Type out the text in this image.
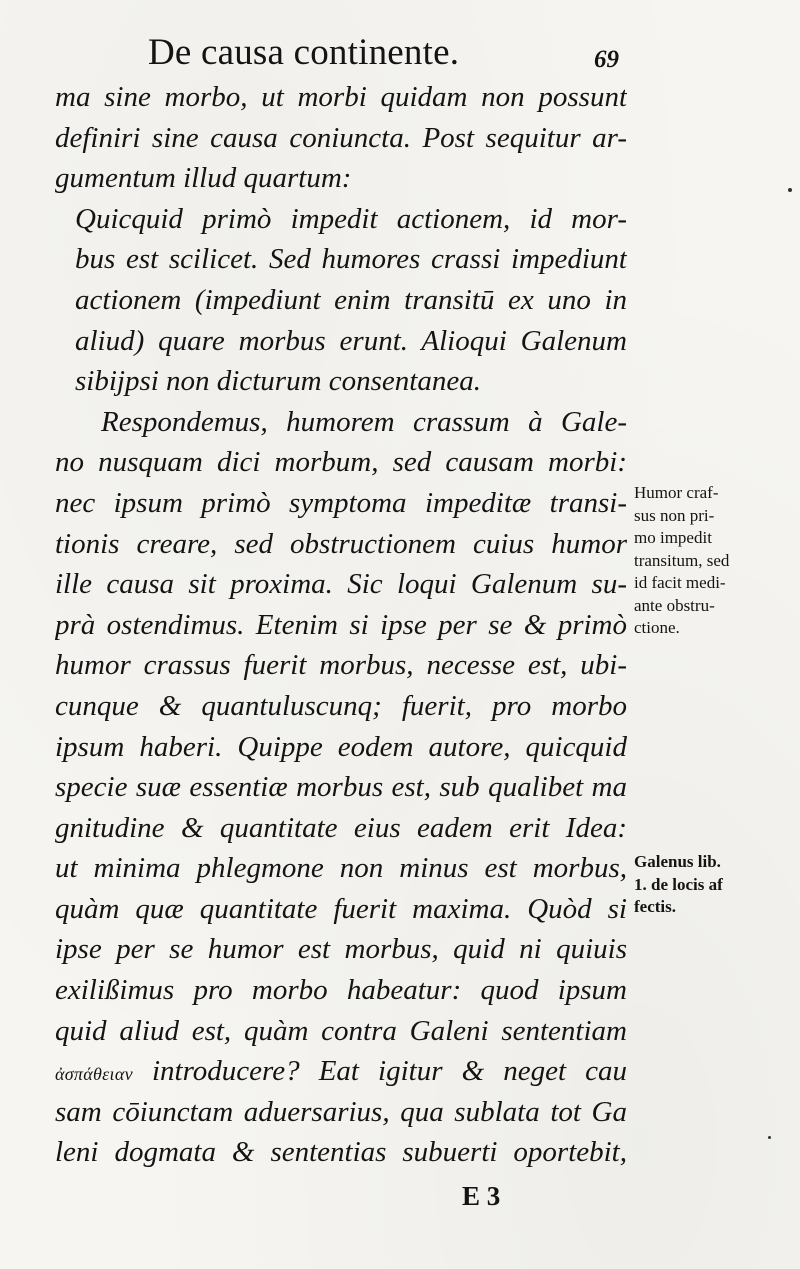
De causa continente.	69
ma sine morbo, ut morbi quidam non possunt
definiri sine causa coniuncta. Post sequitur ar-
gumentum illud quartum:
Quicquid primò impedit actionem, id mor-
bus est scilicet. Sed humores crassi impediunt
actionem (impediunt enim transitū ex uno in
aliud) quare morbus erunt. Alioqui Galenum
sibijpsi non dicturum consentanea.
Respondemus, humorem crassum à Gale-
no nusquam dici morbum, sed causam morbi:
nec ipsum primò symptoma impeditæ transi-
tionis creare, sed obstructionem cuius humor
ille causa sit proxima. Sic loqui Galenum su-
prà ostendimus. Etenim si ipse per se & primò
humor crassus fuerit morbus, necesse est, ubi-
cunque & quantuluscunq; fuerit, pro morbo
ipsum haberi. Quippe eodem autore, quicquid
specie suæ essentiæ morbus est, sub qualibet ma
gnitudine & quantitate eius eadem erit Idea:
ut minima phlegmone non minus est morbus,
quàm quæ quantitate fuerit maxima. Quòd si
ipse per se humor est morbus, quid ni quiuis
exilißimus pro morbo habeatur: quod ipsum
quid aliud est, quàm contra Galeni sententiam
ἀσπάθειαν introducere? Eat igitur & neget cau
sam cōiunctam aduersarius, qua sublata tot Ga
leni dogmata & sententias subuerti oportebit,
Humor craf-
sus non pri-
mo impedit
transitum, sed
id facit medi-
ante obstru-
ctione.
Galenus lib.
1. de locis af
fectis.
E 3
